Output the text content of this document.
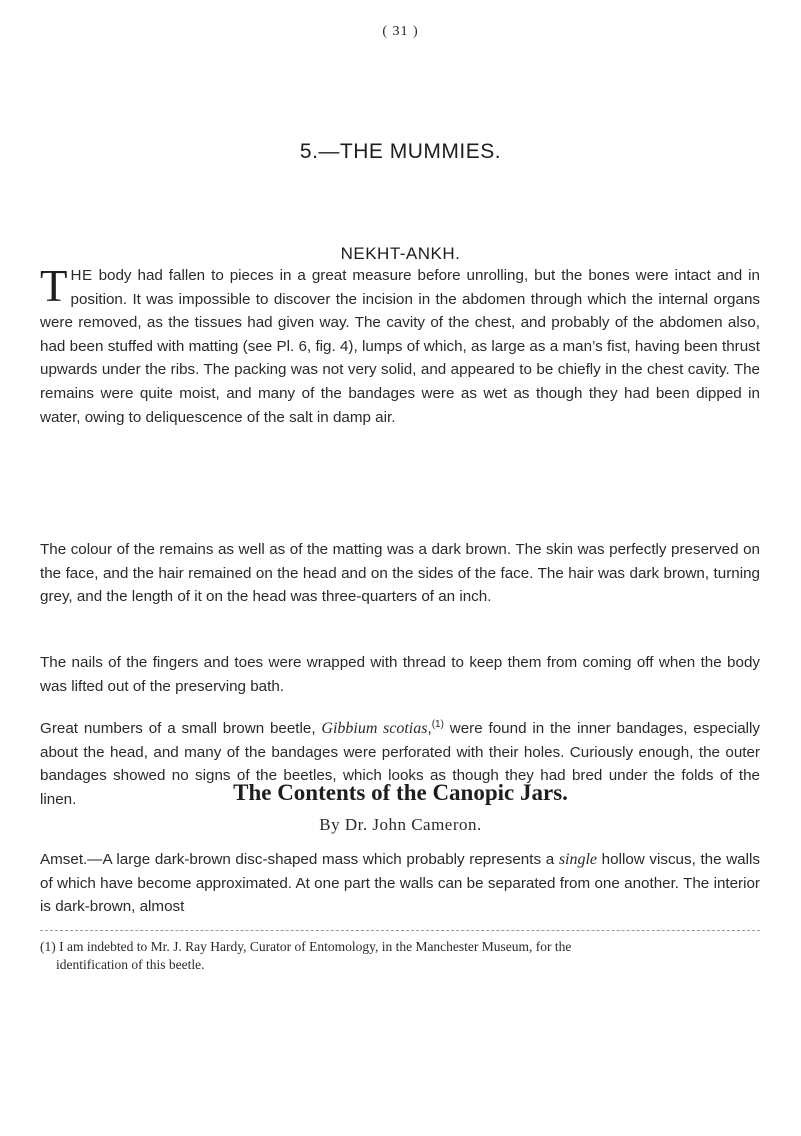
( 31 )
5.—THE MUMMIES.
NEKHT-ANKH.
THE body had fallen to pieces in a great measure before unrolling, but the bones were intact and in position. It was impossible to discover the incision in the abdomen through which the internal organs were removed, as the tissues had given way. The cavity of the chest, and probably of the abdomen also, had been stuffed with matting (see Pl. 6, fig. 4), lumps of which, as large as a man’s fist, having been thrust upwards under the ribs. The packing was not very solid, and appeared to be chiefly in the chest cavity. The remains were quite moist, and many of the bandages were as wet as though they had been dipped in water, owing to deliquescence of the salt in damp air.
The colour of the remains as well as of the matting was a dark brown. The skin was perfectly preserved on the face, and the hair remained on the head and on the sides of the face. The hair was dark brown, turning grey, and the length of it on the head was three-quarters of an inch.
The nails of the fingers and toes were wrapped with thread to keep them from coming off when the body was lifted out of the preserving bath.
Great numbers of a small brown beetle, Gibbium scotias,$^{(1)}$ were found in the inner bandages, especially about the head, and many of the bandages were perforated with their holes. Curiously enough, the outer bandages showed no signs of the beetles, which looks as though they had bred under the folds of the linen.	The Contents of the Canopic Jars.
By Dr. John Cameron.
Amset.—A large dark-brown disc-shaped mass which probably represents a single hollow viscus, the walls of which have become approximated. At one part the walls can be separated from one another. The interior is dark-brown, almost
(1) I am indebted to Mr. J. Ray Hardy, Curator of Entomology, in the Manchester Museum, for the
identification of this beetle.
